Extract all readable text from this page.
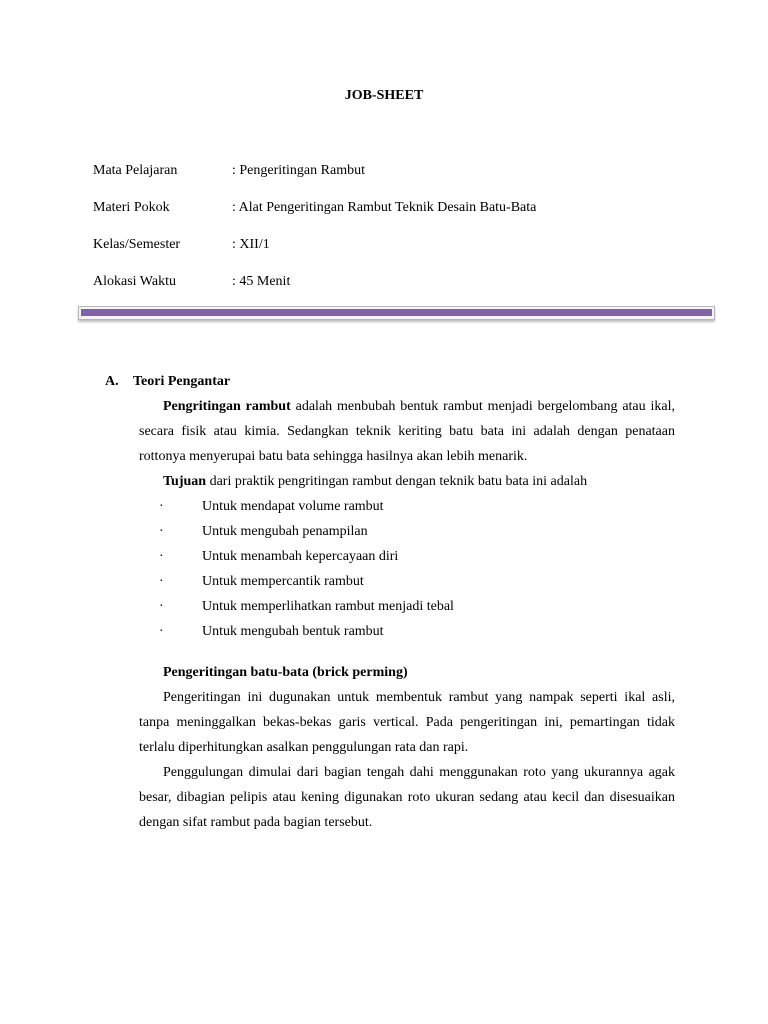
JOB-SHEET
Mata Pelajaran	: Pengeritingan Rambut
Materi Pokok	: Alat Pengeritingan Rambut Teknik Desain Batu-Bata
Kelas/Semester	: XII/1
Alokasi Waktu	: 45 Menit
A. Teori Pengantar

Pengritingan rambut adalah menbubah bentuk rambut menjadi bergelombang atau ikal, secara fisik atau kimia. Sedangkan teknik keriting batu bata ini adalah dengan penataan rottonya menyerupai batu bata sehingga hasilnya akan lebih menarik.

Tujuan dari praktik pengritingan rambut dengan teknik batu bata ini adalah

·	Untuk mendapat volume rambut
·	Untuk mengubah penampilan
·	Untuk menambah kepercayaan diri
·	Untuk mempercantik rambut
·	Untuk memperlihatkan rambut menjadi tebal
·	Untuk mengubah bentuk rambut
Pengeritingan batu-bata (brick perming)

Pengeritingan ini dugunakan untuk membentuk rambut yang nampak seperti ikal asli, tanpa meninggalkan bekas-bekas garis vertical. Pada pengeritingan ini, pemartingan tidak terlalu diperhitungkan asalkan penggulungan rata dan rapi.

Penggulungan dimulai dari bagian tengah dahi menggunakan roto yang ukurannya agak besar, dibagian pelipis atau kening digunakan roto ukuran sedang atau kecil dan disesuaikan dengan sifat rambut pada bagian tersebut.
